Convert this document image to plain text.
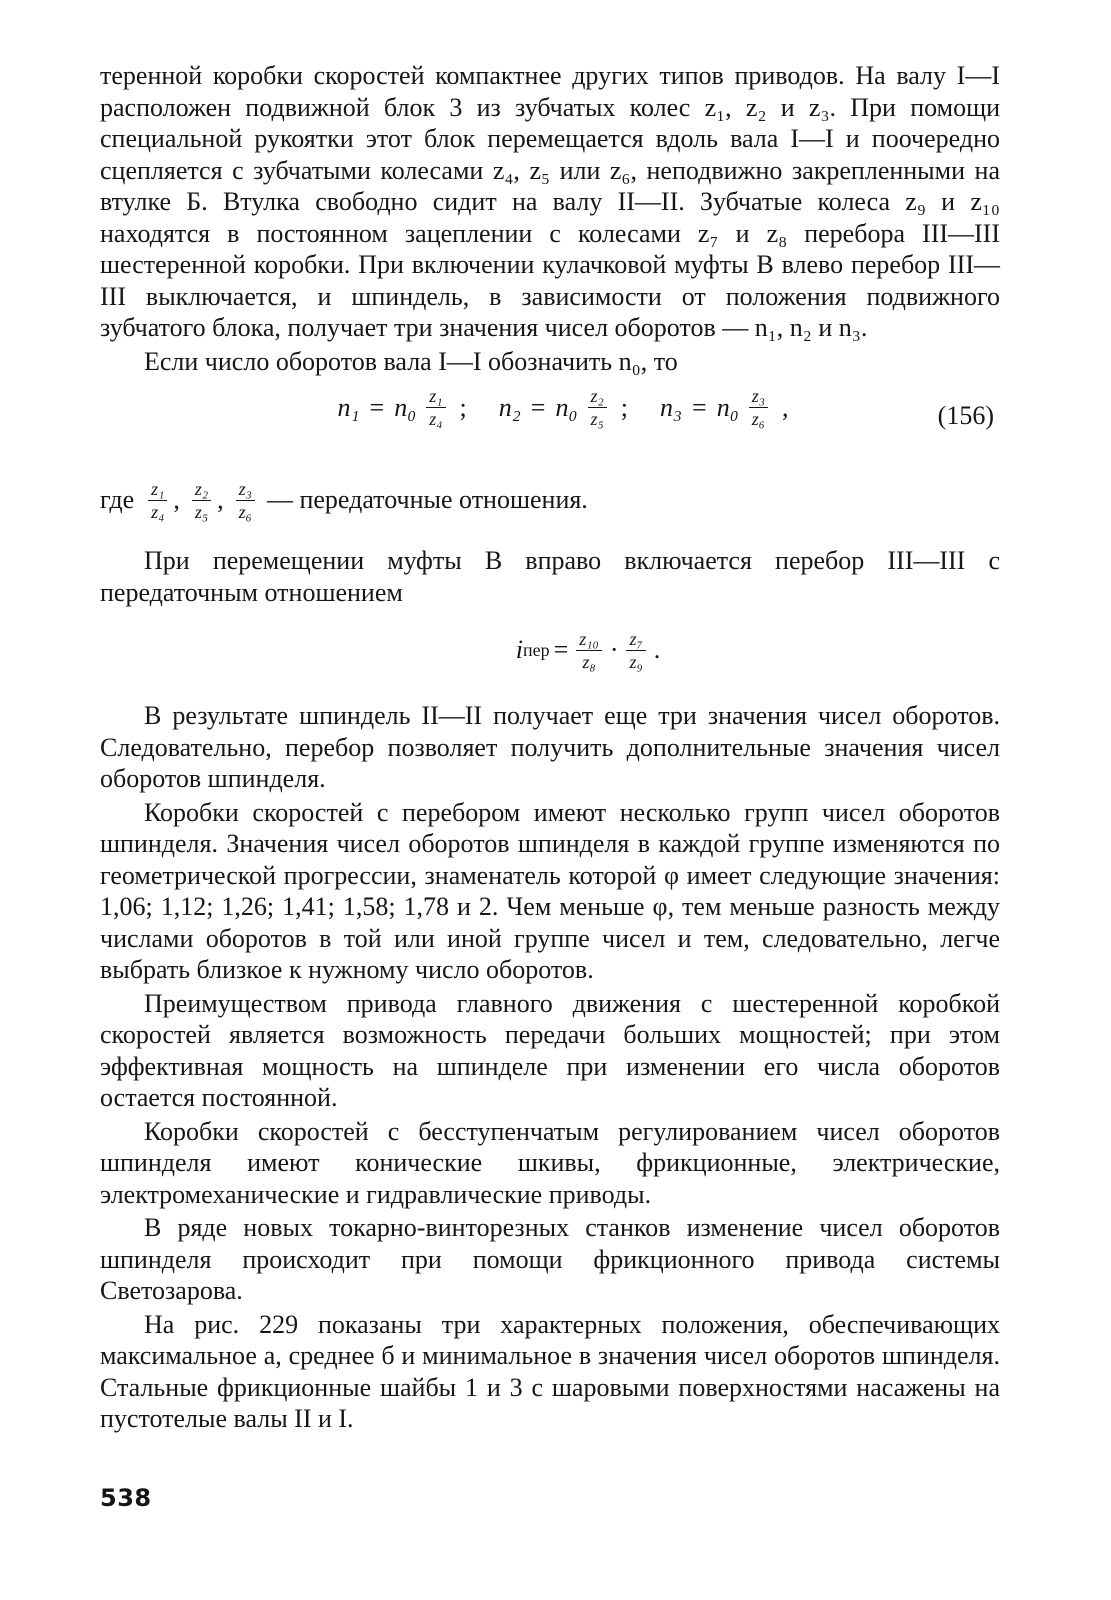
теренной коробки скоростей компактнее других типов приводов. На валу I—I расположен подвижной блок 3 из зубчатых колес z₁, z₂ и z₃. При помощи специальной рукоятки этот блок перемещается вдоль вала I—I и поочередно сцепляется с зубчатыми колесами z₄, z₅ или z₆, неподвижно закрепленными на втулке Б. Втулка свободно сидит на валу II—II. Зубчатые колеса z₉ и z₁₀ находятся в постоянном зацеплении с колесами z₇ и z₈ перебора III—III шестеренной коробки. При включении кулачковой муфты В влево перебор III—III выключается, и шпиндель, в зависимости от положения подвижного зубчатого блока, получает три значения чисел оборотов — n₁, n₂ и n₃.

Если число оборотов вала I—I обозначить n₀, то

$n_1 = n_0 \frac{\text{z₁}}{\text{z₄}}$ ; $n_2 = n_0 \frac{\text{z₂}}{\text{z₅}}$ ; $n_3 = n_0 \frac{\text{z₃}}{\text{z₆}}$ ,	(156)
где $\frac{\text{z₁}}{\text{z₄}}$ , $\frac{\text{z₂}}{\text{z₅}}$ , $\frac{\text{z₃}}{\text{z₆}}$ — передаточные отношения.

При перемещении муфты В вправо включается перебор III—III с передаточным отношением

i пер = $\frac{\text{z₁₀}}{\text{z₈}} \cdot \frac{\text{z₇}}{\text{z₉}}$ .

В результате шпиндель II—II получает еще три значения чисел оборотов. Следовательно, перебор позволяет получить дополнительные значения чисел оборотов шпинделя.

Коробки скоростей с перебором имеют несколько групп чисел оборотов шпинделя. Значения чисел оборотов шпинделя в каждой группе изменяются по геометрической прогрессии, знаменатель которой φ имеет следующие значения: 1,06; 1,12; 1,26; 1,41; 1,58; 1,78 и 2. Чем меньше φ, тем меньше разность между числами оборотов в той или иной группе чисел и тем, следовательно, легче выбрать близкое к нужному число оборотов.

Преимуществом привода главного движения с шестеренной коробкой скоростей является возможность передачи больших мощностей; при этом эффективная мощность на шпинделе при изменении его числа оборотов остается постоянной.

Коробки скоростей с бесступенчатым регулированием чисел оборотов шпинделя имеют конические шкивы, фрикционные, электрические, электромеханические и гидравлические приводы.

В ряде новых токарно-винторезных станков изменение чисел оборотов шпинделя происходит при помощи фрикционного привода системы Светозарова.

На рис. 229 показаны три характерных положения, обеспечивающих максимальное а, среднее б и минимальное в значения чисел оборотов шпинделя. Стальные фрикционные шайбы 1 и 3 с шаровыми поверхностями насажены на пустотелые валы II и I.

538
